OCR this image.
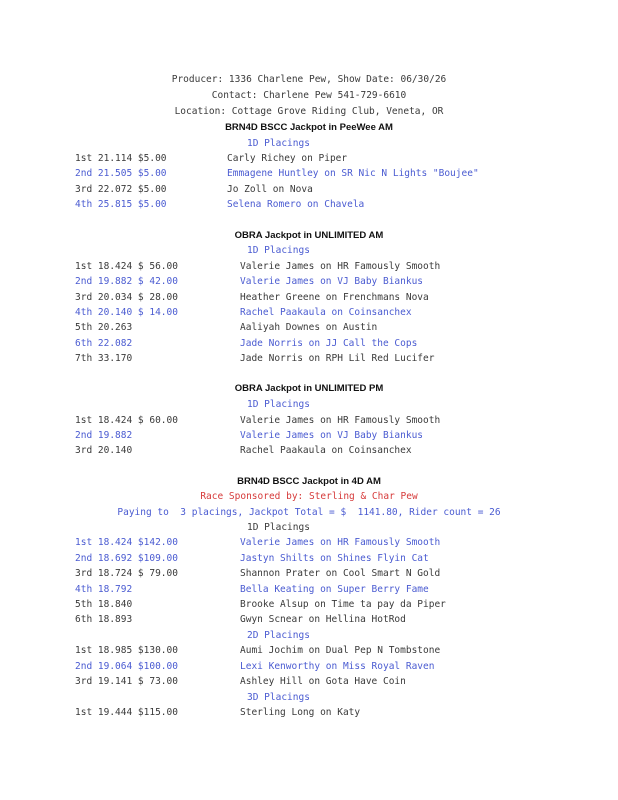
Producer: 1336 Charlene Pew, Show Date: 06/30/26
Contact: Charlene Pew 541-729-6610
Location: Cottage Grove Riding Club, Veneta, OR
BRN4D BSCC Jackpot in PeeWee AM
1D Placings
1st 21.114 $5.00	Carly Richey on Piper
2nd 21.505 $5.00	Emmagene Huntley on SR Nic N Lights "Boujee"
3rd 22.072 $5.00	Jo Zoll on Nova
4th 25.815 $5.00	Selena Romero on Chavela
OBRA Jackpot in UNLIMITED AM
1D Placings
1st 18.424 $ 56.00	Valerie James on HR Famously Smooth
2nd 19.882 $ 42.00	Valerie James on VJ Baby Biankus
3rd 20.034 $ 28.00	Heather Greene on Frenchmans Nova
4th 20.140 $ 14.00	Rachel Paakaula on Coinsanchex
5th 20.263	Aaliyah Downes on Austin
6th 22.082	Jade Norris on JJ Call the Cops
7th 33.170	Jade Norris on RPH Lil Red Lucifer
OBRA Jackpot in UNLIMITED PM
1D Placings
1st 18.424 $ 60.00	Valerie James on HR Famously Smooth
2nd 19.882	Valerie James on VJ Baby Biankus
3rd 20.140	Rachel Paakaula on Coinsanchex
BRN4D BSCC Jackpot in 4D AM
Race Sponsored by: Sterling & Char Pew
Paying to  3 placings, Jackpot Total = $  1141.80, Rider count = 26
1D Placings
1st 18.424 $142.00	Valerie James on HR Famously Smooth
2nd 18.692 $109.00	Jastyn Shilts on Shines Flyin Cat
3rd 18.724 $ 79.00	Shannon Prater on Cool Smart N Gold
4th 18.792	Bella Keating on Super Berry Fame
5th 18.840	Brooke Alsup on Time ta pay da Piper
6th 18.893	Gwyn Scnear on Hellina HotRod
2D Placings
1st 18.985 $130.00	Aumi Jochim on Dual Pep N Tombstone
2nd 19.064 $100.00	Lexi Kenworthy on Miss Royal Raven
3rd 19.141 $ 73.00	Ashley Hill on Gota Have Coin
3D Placings
1st 19.444 $115.00	Sterling Long on Katy
